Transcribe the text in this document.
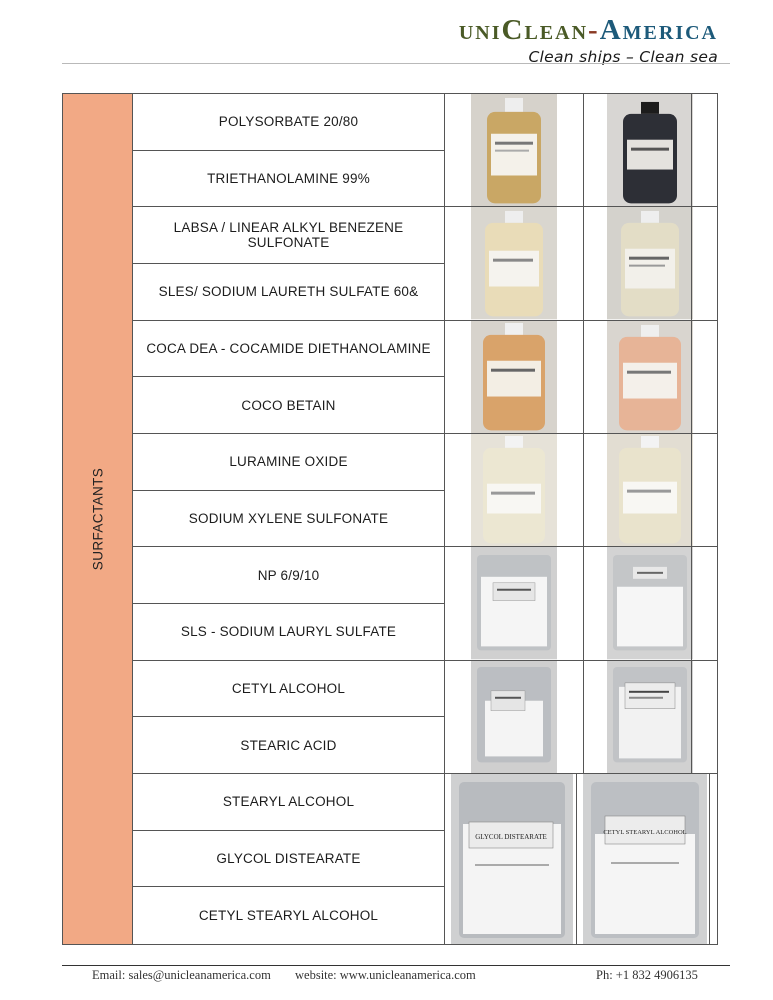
uniClean-America
Clean ships – Clean sea
SURFACTANTS
POLYSORBATE 20/80
TRIETHANOLAMINE 99%
LABSA / LINEAR ALKYL BENEZENE SULFONATE
SLES/ SODIUM LAURETH SULFATE 60&
COCA DEA - COCAMIDE DIETHANOLAMINE
COCO BETAIN
LURAMINE OXIDE
SODIUM XYLENE SULFONATE
NP 6/9/10
SLS - SODIUM LAURYL SULFATE
CETYL ALCOHOL
STEARIC ACID
STEARYL ALCOHOL
GLYCOL DISTEARATE
CETYL STEARYL ALCOHOL
GLYCOL DISTEARATE
CETYL STEARYL ALCOHOL
Email: sales@unicleanamerica.com website: www.unicleanamerica.com	Ph: +1 832 4906135
